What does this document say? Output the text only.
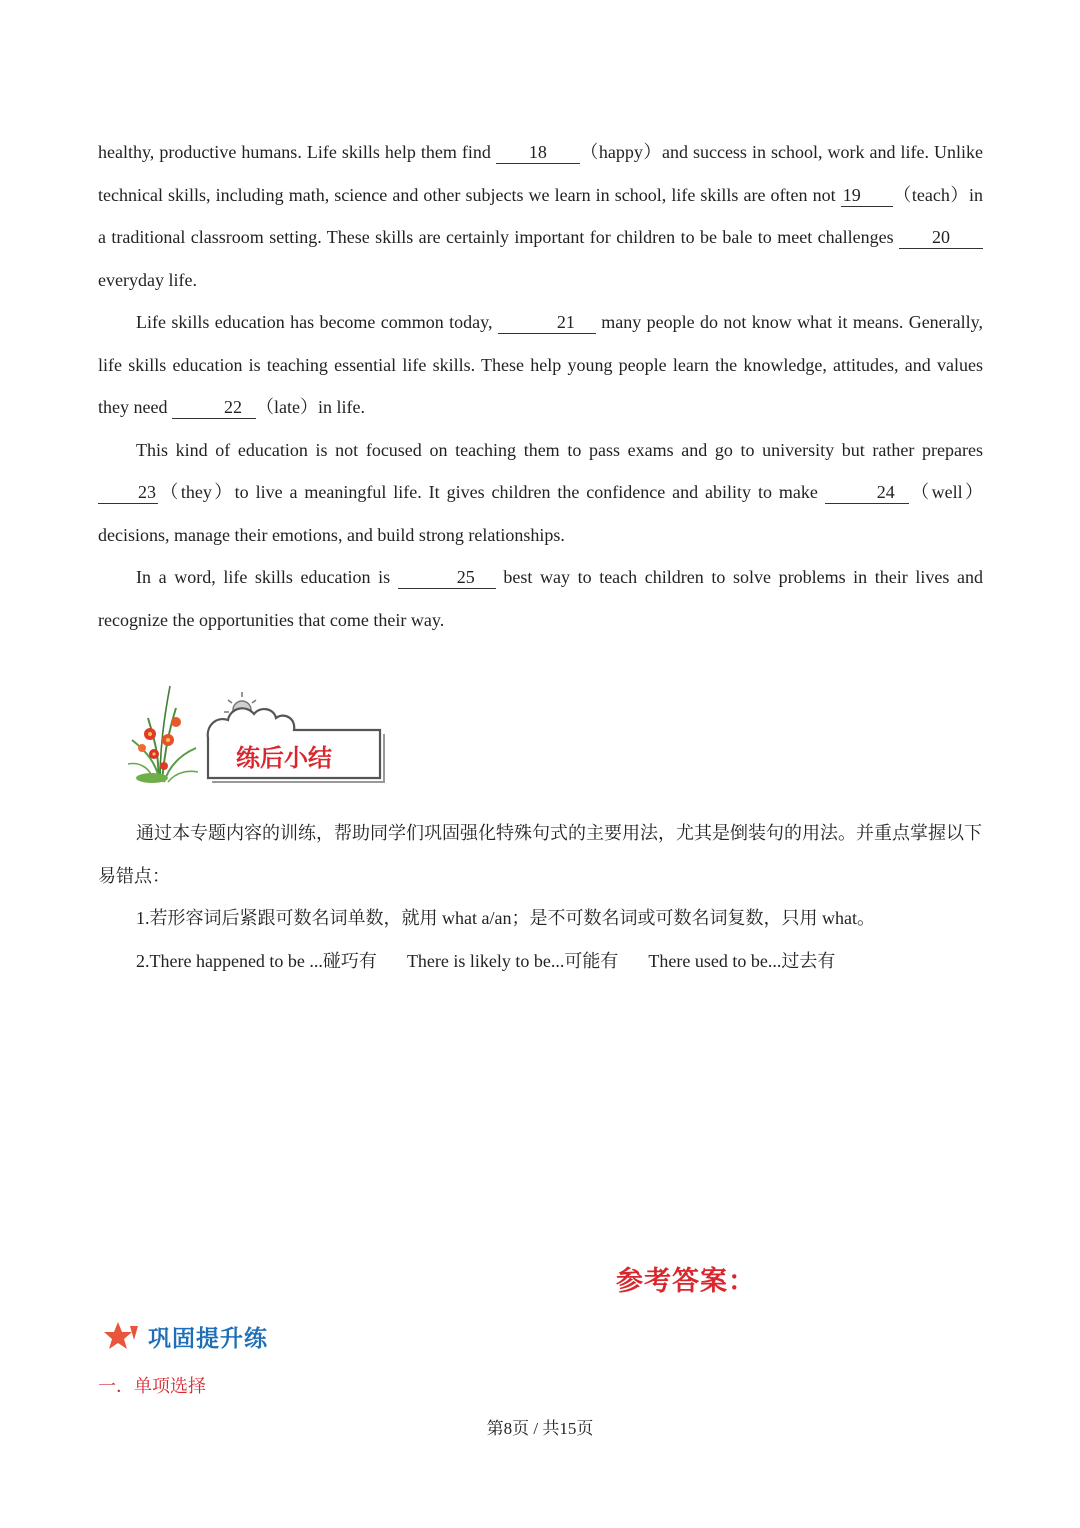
healthy, productive humans. Life skills help them find 18 （happy）and success in school, work and life. Unlike technical skills, including math, science and other subjects we learn in school, life skills are often not 19 （teach）in a traditional classroom setting. These skills are certainly important for children to be bale to meet challenges 20 everyday life.

Life skills education has become common today,	21 many people do not know what it means. Generally, life skills education is teaching essential life skills. These help young people learn the knowledge, attitudes, and values they need	22 （late）in life.

This kind of education is not focused on teaching them to pass exams and go to university but rather prepares 23 （they）to live a meaningful life. It gives children the confidence and ability to make	24 （well） decisions, manage their emotions, and build strong relationships.

In a word, life skills education is	25 best way to teach children to solve problems in their lives and recognize the opportunities that come their way.

练后小结

通过本专题内容的训练，帮助同学们巩固强化特殊句式的主要用法，尤其是倒装句的用法。并重点掌握以下易错点：

1.若形容词后紧跟可数名词单数，就用 what a/an；是不可数名词或可数名词复数，只用 what。

2.There happened to be ...碰巧有 There is likely to be...可能有 There used to be...过去有

参考答案：
巩固提升练
一．单项选择
第8页 / 共15页
